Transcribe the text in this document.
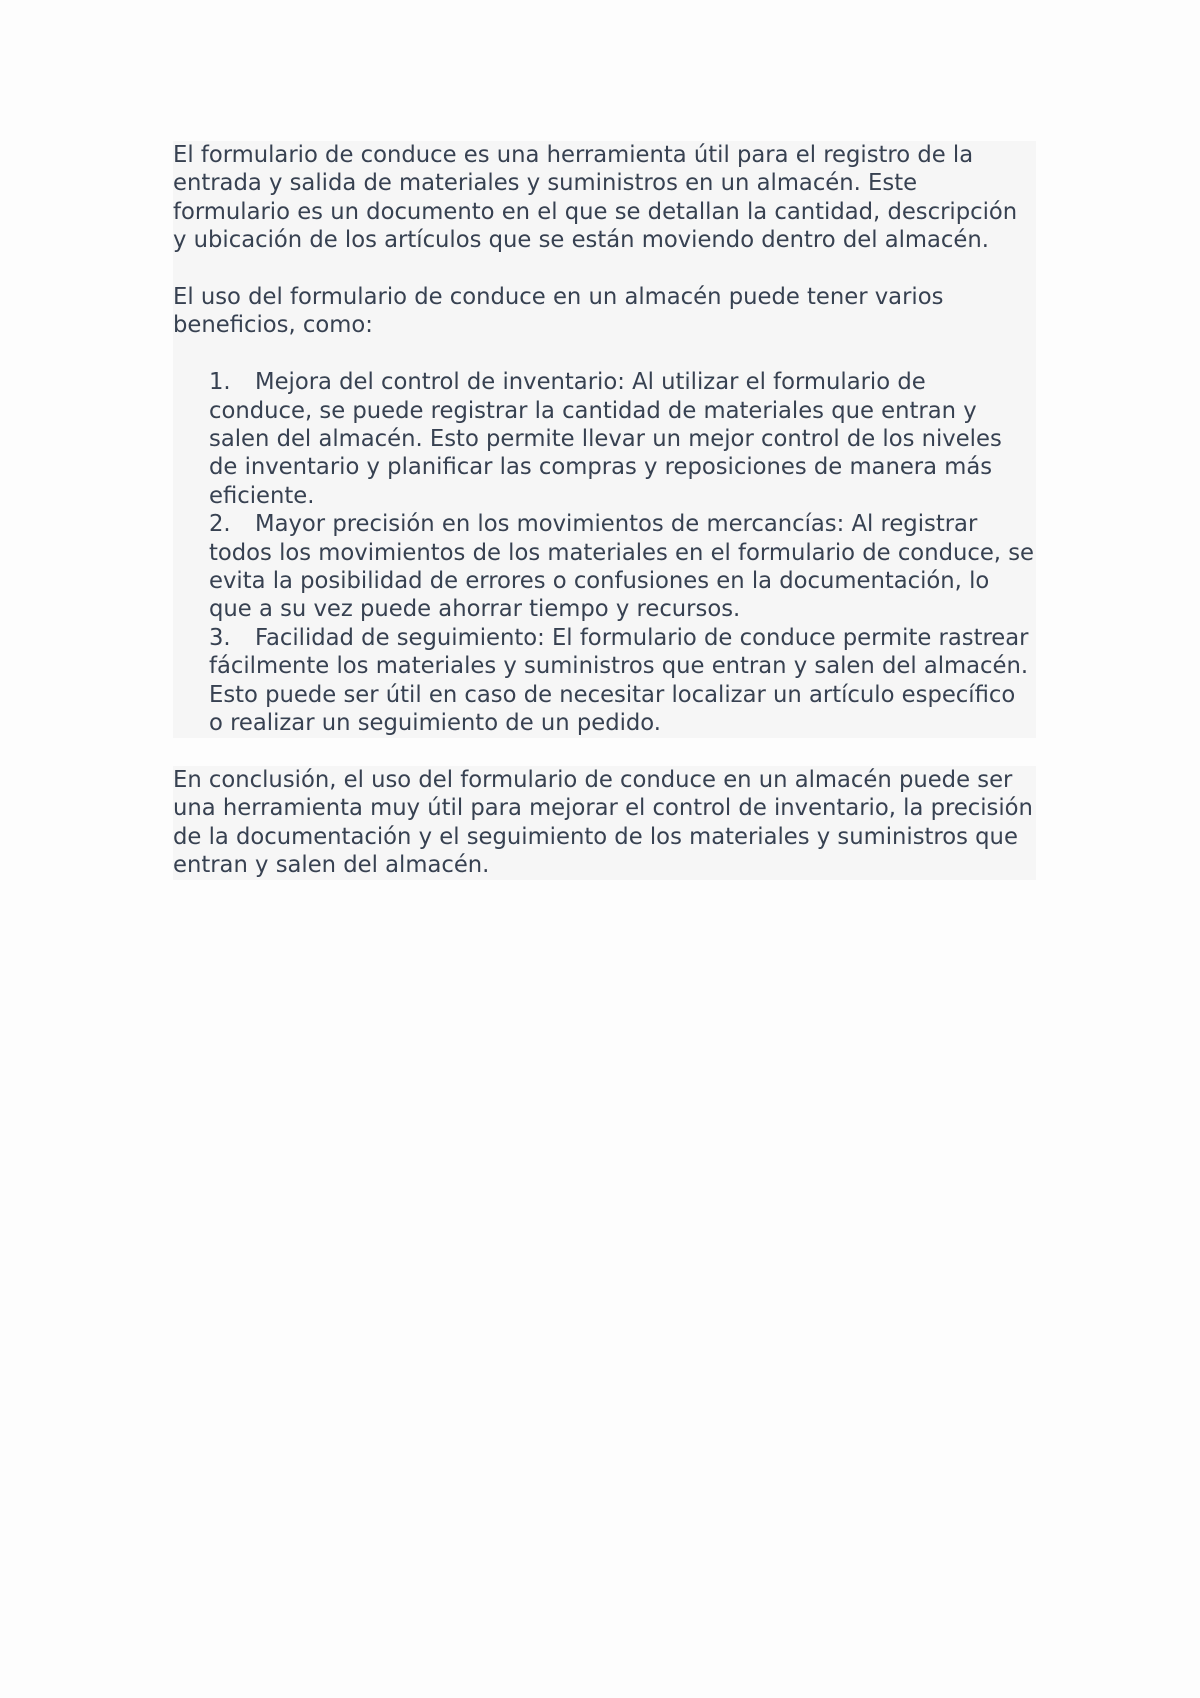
El formulario de conduce es una herramienta útil para el registro de la entrada y salida de materiales y suministros en un almacén. Este formulario es un documento en el que se detallan la cantidad, descripción y ubicación de los artículos que se están moviendo dentro del almacén.

El uso del formulario de conduce en un almacén puede tener varios beneficios, como:

1. Mejora del control de inventario: Al utilizar el formulario de conduce, se puede registrar la cantidad de materiales que entran y salen del almacén. Esto permite llevar un mejor control de los niveles de inventario y planificar las compras y reposiciones de manera más eficiente.
2. Mayor precisión en los movimientos de mercancías: Al registrar todos los movimientos de los materiales en el formulario de conduce, se evita la posibilidad de errores o confusiones en la documentación, lo que a su vez puede ahorrar tiempo y recursos.
3. Facilidad de seguimiento: El formulario de conduce permite rastrear fácilmente los materiales y suministros que entran y salen del almacén. Esto puede ser útil en caso de necesitar localizar un artículo específico o realizar un seguimiento de un pedido.

En conclusión, el uso del formulario de conduce en un almacén puede ser una herramienta muy útil para mejorar el control de inventario, la precisión de la documentación y el seguimiento de los materiales y suministros que entran y salen del almacén.
